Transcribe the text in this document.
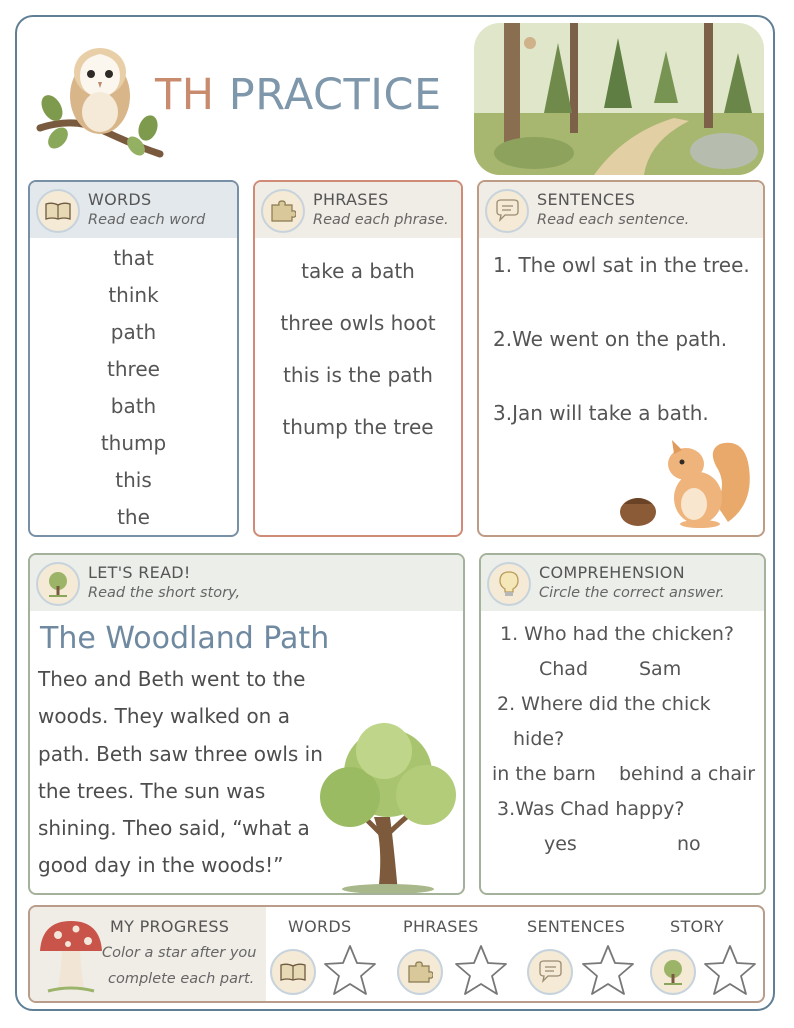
TH PRACTICE
WORDS
Read each word
that
think
path
three
bath
thump
this
the
PHRASES
Read each phrase.
take a bath
three owls hoot
this is the path
thump the tree
SENTENCES
Read each sentence.
1. The owl sat in the tree.
2.We went on the path.
3.Jan will take a bath.
LET'S READ!
Read the short story,
The Woodland Path
Theo and Beth went to the
woods. They walked on a
path. Beth saw three owls in
the trees. The sun was
shining. Theo said, “what a
good day in the woods!”
COMPREHENSION
Circle the correct answer.
1. Who had the chicken?
Chad	Sam
2. Where did the chick
hide?
in the barn behind a chair
3.Was Chad happy?
yes	no
MY PROGRESS
Color a star after you
complete each part.
WORDS	PHRASES	SENTENCES	STORY
